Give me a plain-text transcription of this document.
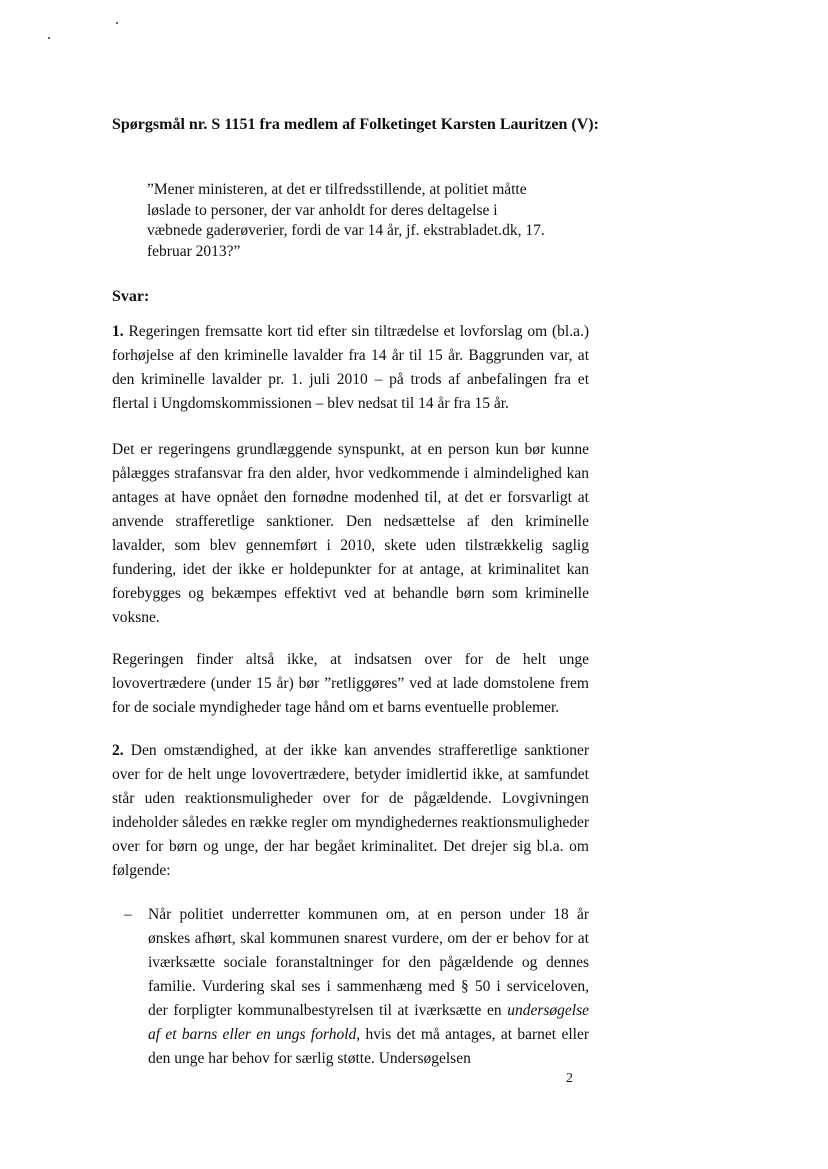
Spørgsmål nr. S 1151 fra medlem af Folketinget Karsten Lauritzen (V):
”Mener ministeren, at det er tilfredsstillende, at politiet måtte løslade to personer, der var anholdt for deres deltagelse i væbnede gaderøverier, fordi de var 14 år, jf. ekstrabladet.dk, 17. februar 2013?”
Svar:
1. Regeringen fremsatte kort tid efter sin tiltrædelse et lovforslag om (bl.a.) forhøjelse af den kriminelle lavalder fra 14 år til 15 år. Baggrunden var, at den kriminelle lavalder pr. 1. juli 2010 – på trods af anbefalingen fra et flertal i Ungdomskommissionen – blev nedsat til 14 år fra 15 år.
Det er regeringens grundlæggende synspunkt, at en person kun bør kunne pålægges strafansvar fra den alder, hvor vedkommende i almindelighed kan antages at have opnået den fornødne modenhed til, at det er forsvarligt at anvende strafferetlige sanktioner. Den nedsættelse af den kriminelle lavalder, som blev gennemført i 2010, skete uden tilstrækkelig saglig fundering, idet der ikke er holdepunkter for at antage, at kriminalitet kan forebygges og bekæmpes effektivt ved at behandle børn som kriminelle voksne.
Regeringen finder altså ikke, at indsatsen over for de helt unge lovovertrædere (under 15 år) bør ”retliggøres” ved at lade domstolene frem for de sociale myndigheder tage hånd om et barns eventuelle problemer.
2. Den omstændighed, at der ikke kan anvendes strafferetlige sanktioner over for de helt unge lovovertrædere, betyder imidlertid ikke, at samfundet står uden reaktionsmuligheder over for de pågældende. Lovgivningen indeholder således en række regler om myndighedernes reaktionsmuligheder over for børn og unge, der har begået kriminalitet. Det drejer sig bl.a. om følgende:
– Når politiet underretter kommunen om, at en person under 18 år ønskes afhørt, skal kommunen snarest vurdere, om der er behov for at iværksætte sociale foranstaltninger for den pågældende og dennes familie. Vurdering skal ses i sammenhæng med § 50 i serviceloven, der forpligter kommunalbestyrelsen til at iværksætte en undersøgelse af et barns eller en ungs forhold, hvis det må antages, at barnet eller den unge har behov for særlig støtte. Undersøgelsen
2
